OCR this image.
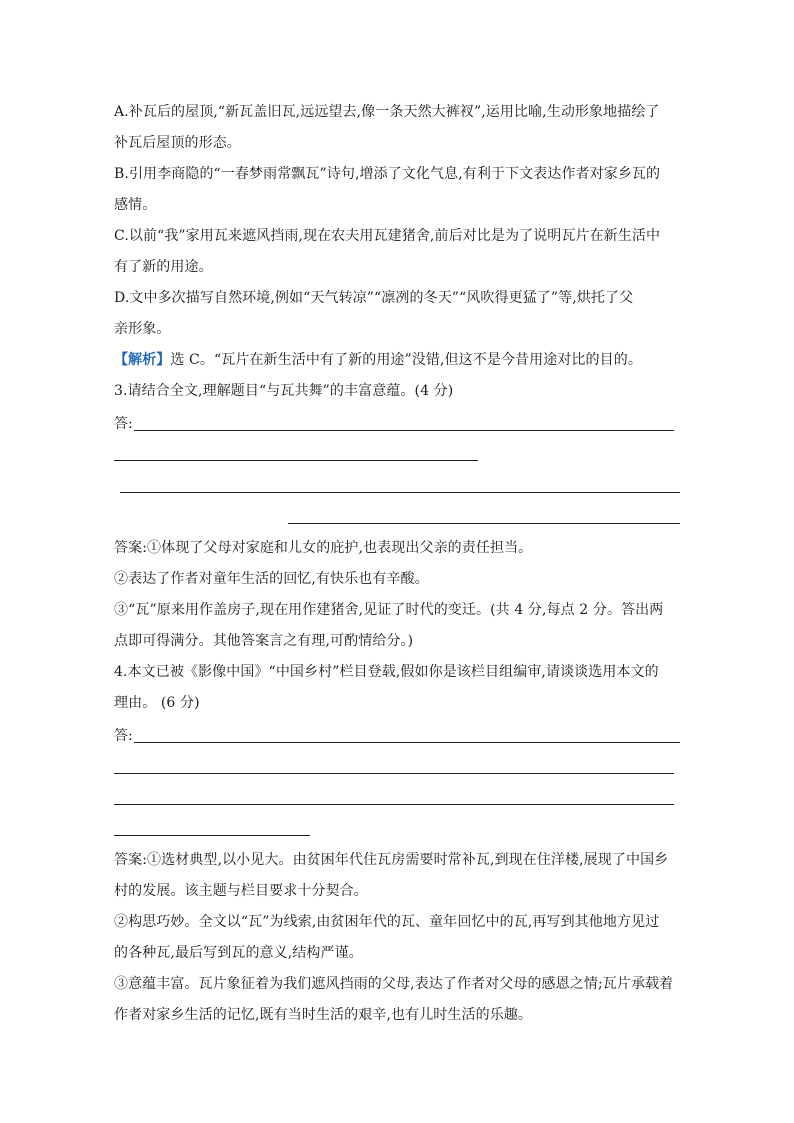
A.补瓦后的屋顶,“新瓦盖旧瓦,远远望去,像一条天然大裤衩”,运用比喻,生动形象地描绘了
补瓦后屋顶的形态。
B.引用李商隐的“一春梦雨常飘瓦”诗句,增添了文化气息,有利于下文表达作者对家乡瓦的
感情。
C.以前“我”家用瓦来遮风挡雨,现在农夫用瓦建猪舍,前后对比是为了说明瓦片在新生活中
有了新的用途。
D.文中多次描写自然环境,例如“天气转凉”“凛冽的冬天”“风吹得更猛了”等,烘托了父
亲形象。
【解析】选 C。“瓦片在新生活中有了新的用途”没错,但这不是今昔用途对比的目的。
3.请结合全文,理解题目“与瓦共舞”的丰富意蕴。(4 分)
答:
答案:①体现了父母对家庭和儿女的庇护,也表现出父亲的责任担当。
②表达了作者对童年生活的回忆,有快乐也有辛酸。
③“瓦”原来用作盖房子,现在用作建猪舍,见证了时代的变迁。(共 4 分,每点 2 分。答出两
点即可得满分。其他答案言之有理,可酌情给分。)
4.本文已被《影像中国》“中国乡村”栏目登载,假如你是该栏目组编审,请谈谈选用本文的
理由。 (6 分)
答:
答案:①选材典型,以小见大。由贫困年代住瓦房需要时常补瓦,到现在住洋楼,展现了中国乡
村的发展。该主题与栏目要求十分契合。
②构思巧妙。全文以“瓦”为线索,由贫困年代的瓦、童年回忆中的瓦,再写到其他地方见过
的各种瓦,最后写到瓦的意义,结构严谨。
③意蕴丰富。瓦片象征着为我们遮风挡雨的父母,表达了作者对父母的感恩之情;瓦片承载着
作者对家乡生活的记忆,既有当时生活的艰辛,也有儿时生活的乐趣。
